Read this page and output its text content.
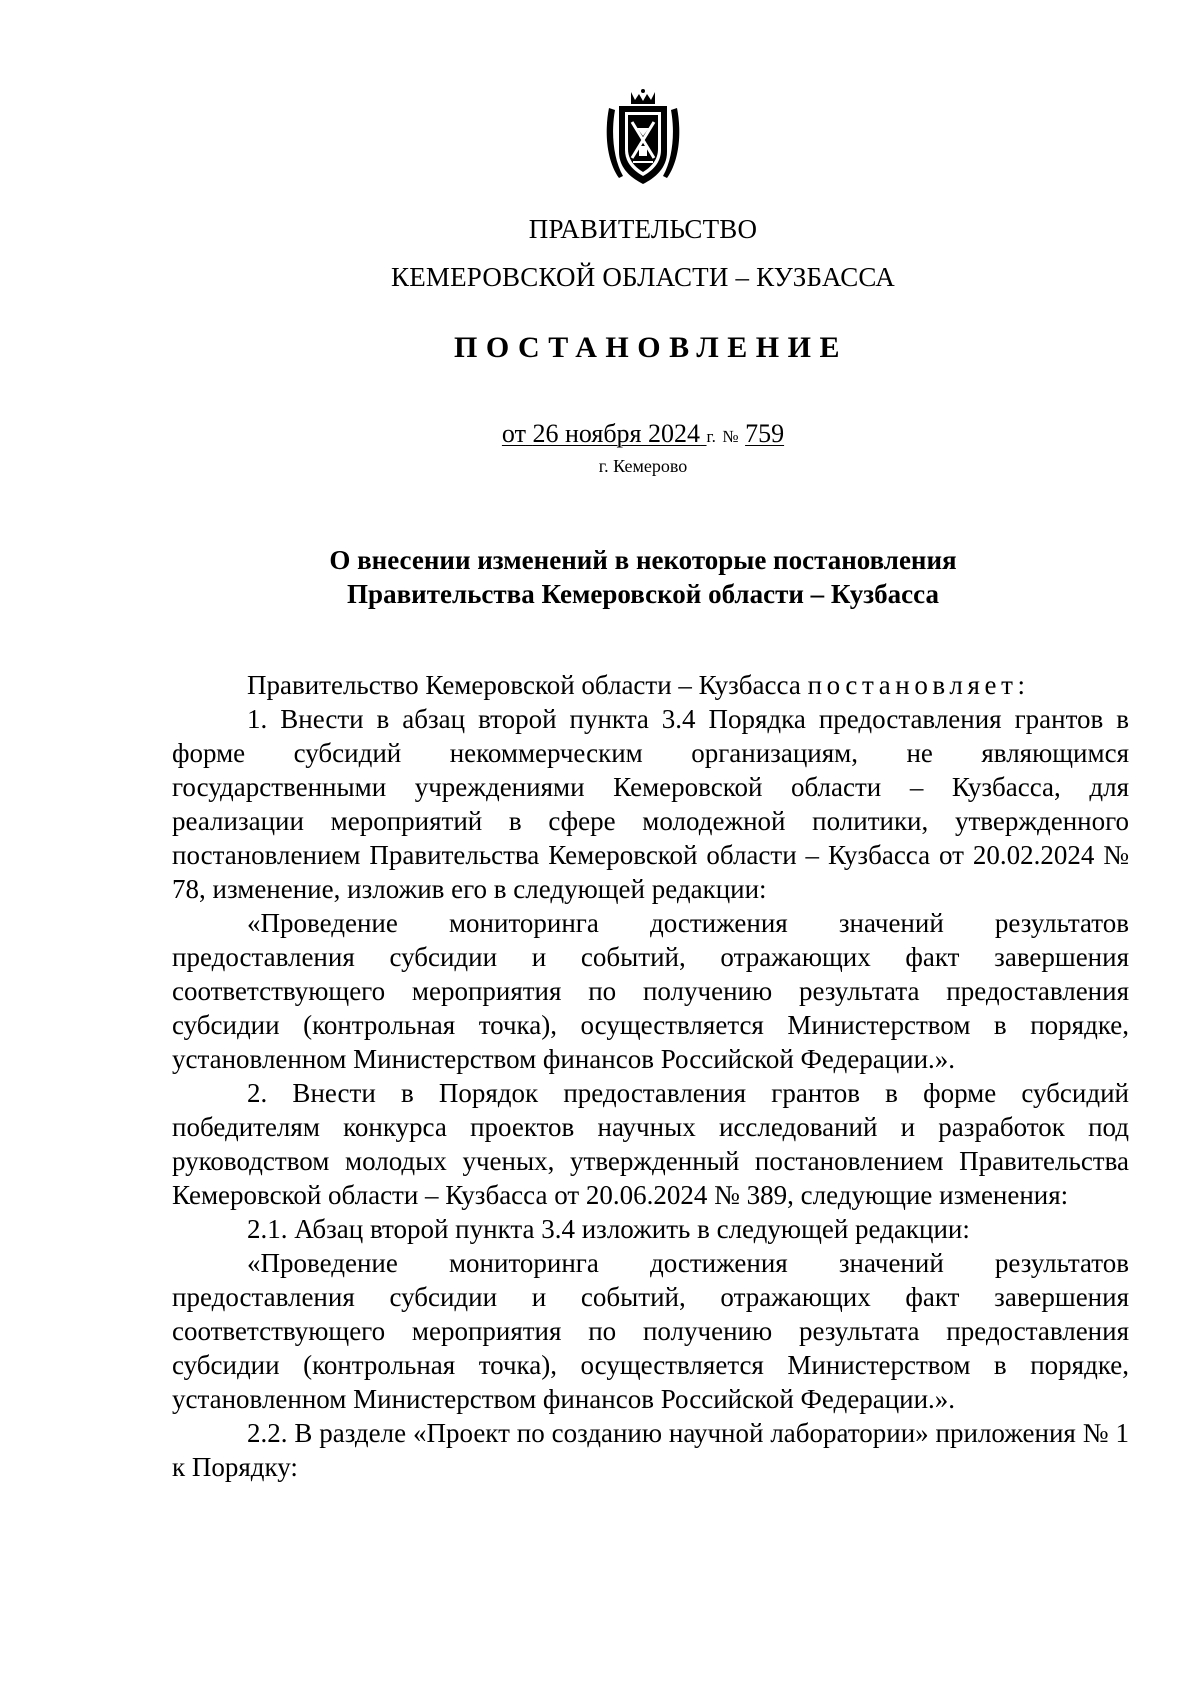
ПРАВИТЕЛЬСТВО
КЕМЕРОВСКОЙ ОБЛАСТИ – КУЗБАССА
ПОСТАНОВЛЕНИЕ
от 26 ноября 2024 г. № 759
г. Кемерово
О внесении изменений в некоторые постановления
Правительства Кемеровской области – Кузбасса

Правительство Кемеровской области – Кузбасса постановляет:

1. Внести в абзац второй пункта 3.4 Порядка предоставления грантов в форме субсидий некоммерческим организациям, не являющимся государственными учреждениями Кемеровской области – Кузбасса, для реализации мероприятий в сфере молодежной политики, утвержденного постановлением Правительства Кемеровской области – Кузбасса от 20.02.2024 № 78, изменение, изложив его в следующей редакции:

«Проведение мониторинга достижения значений результатов предоставления субсидии и событий, отражающих факт завершения соответствующего мероприятия по получению результата предоставления субсидии (контрольная точка), осуществляется Министерством в порядке, установленном Министерством финансов Российской Федерации.».

2. Внести в Порядок предоставления грантов в форме субсидий победителям конкурса проектов научных исследований и разработок под руководством молодых ученых, утвержденный постановлением Правительства Кемеровской области – Кузбасса от 20.06.2024 № 389, следующие изменения:

2.1. Абзац второй пункта 3.4 изложить в следующей редакции:

«Проведение мониторинга достижения значений результатов предоставления субсидии и событий, отражающих факт завершения соответствующего мероприятия по получению результата предоставления субсидии (контрольная точка), осуществляется Министерством в порядке, установленном Министерством финансов Российской Федерации.».

2.2. В разделе «Проект по созданию научной лаборатории» приложения № 1 к Порядку:
